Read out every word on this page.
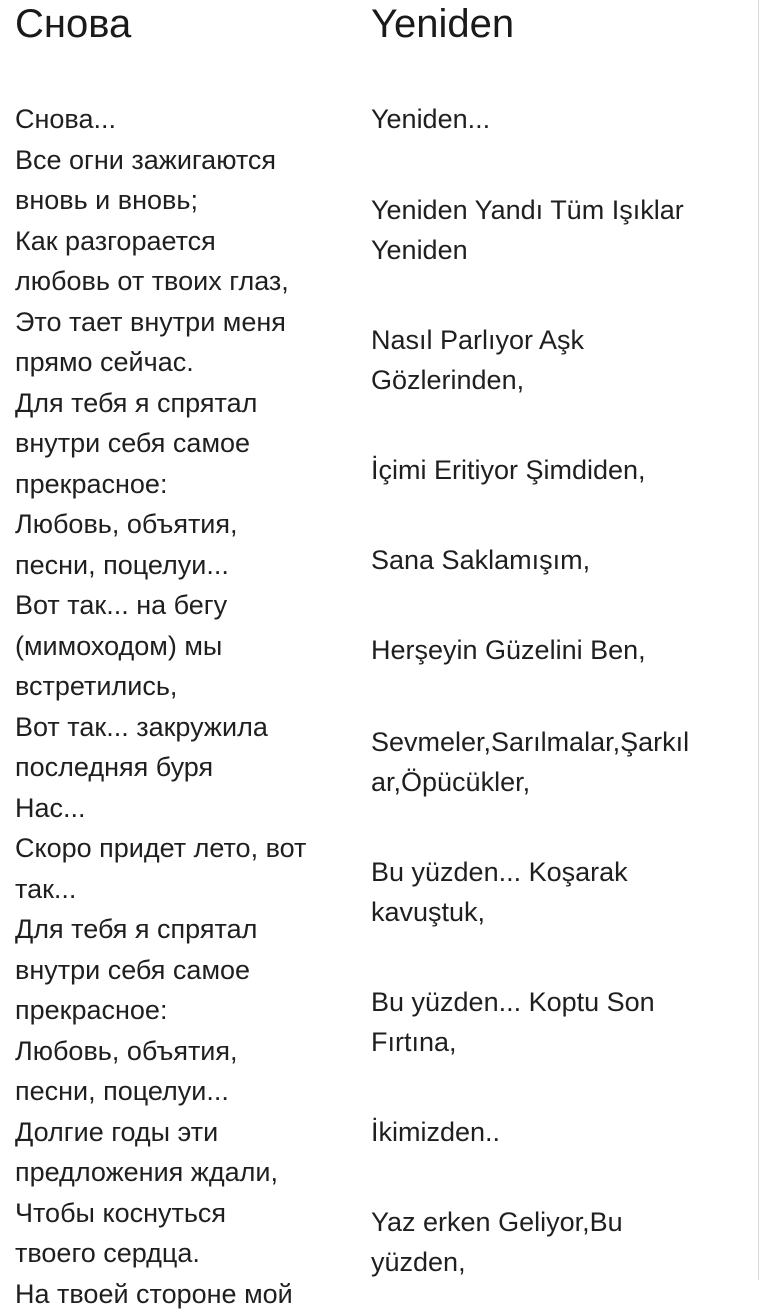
Снова
Снова...
Все огни зажигаются
вновь и вновь;
Как разгорается
любовь от твоих глаз,
Это тает внутри меня
прямо сейчас.
Для тебя я спрятал
внутри себя самое
прекрасное:
Любовь, объятия,
песни, поцелуи...
Вот так... на бегу
(мимоходом) мы
встретились,
Вот так... закружила
последняя буря
Нас...
Скоро придет лето, вот
так...
Для тебя я спрятал
внутри себя самое
прекрасное:
Любовь, объятия,
песни, поцелуи...
Долгие годы эти
предложения ждали,
Чтобы коснуться
твоего сердца.
На твоей стороне мой
Yeniden
Yeniden...
Yeniden Yandı Tüm Işıklar
Yeniden
Nasıl Parlıyor Aşk
Gözlerinden,
İçimi Eritiyor Şimdiden,
Sana Saklamışım,
Herşeyin Güzelini Ben,
Sevmeler,Sarılmalar,Şarkıl
ar,Öpücükler,
Bu yüzden... Koşarak
kavuştuk,
Bu yüzden... Koptu Son
Fırtına,
İkimizden..
Yaz erken Geliyor,Bu
yüzden,
